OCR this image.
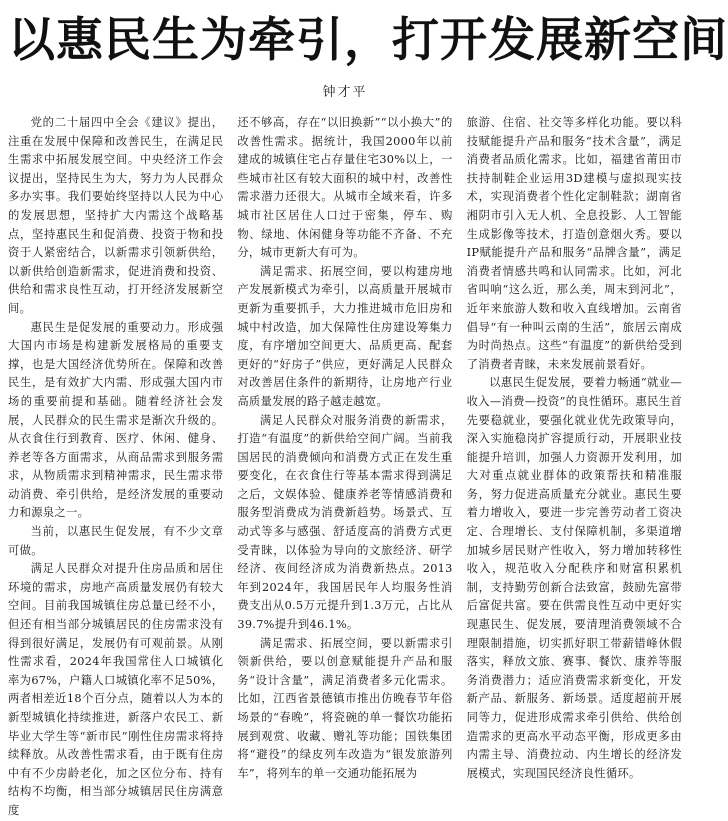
以惠民生为牵引，打开发展新空间
钟才平

党的二十届四中全会《建议》提出，注重在发展中保障和改善民生，在满足民生需求中拓展发展空间。中央经济工作会议提出，坚持民生为大，努力为人民群众多办实事。我们要始终坚持以人民为中心的发展思想，坚持扩大内需这个战略基点，坚持惠民生和促消费、投资于物和投资于人紧密结合，以新需求引领新供给，以新供给创造新需求，促进消费和投资、供给和需求良性互动，打开经济发展新空间。

惠民生是促发展的重要动力。形成强大国内市场是构建新发展格局的重要支撑，也是大国经济优势所在。保障和改善民生，是有效扩大内需、形成强大国内市场的重要前提和基础。随着经济社会发展，人民群众的民生需求是渐次升级的。从衣食住行到教育、医疗、休闲、健身、养老等各方面需求，从商品需求到服务需求，从物质需求到精神需求，民生需求带动消费、牵引供给，是经济发展的重要动力和源泉之一。

当前，以惠民生促发展，有不少文章可做。

满足人民群众对提升住房品质和居住环境的需求，房地产高质量发展仍有较大空间。目前我国城镇住房总量已经不小，但还有相当部分城镇居民的住房需求没有得到很好满足，发展仍有可观前景。从刚性需求看，2024年我国常住人口城镇化率为67%，户籍人口城镇化率不足50%，两者相差近18个百分点，随着以人为本的新型城镇化持续推进，新落户农民工、新毕业大学生等“新市民”刚性住房需求将持续释放。从改善性需求看，由于既有住房中有不少房龄老化，加之区位分布、持有结构不均衡，相当部分城镇居民住房满意度

还不够高，存在“以旧换新”“以小换大”的改善性需求。据统计，我国2000年以前建成的城镇住宅占存量住宅30%以上，一些城市社区有较大面积的城中村，改善性需求潜力还很大。从城市全域来看，许多城市社区居住人口过于密集，停车、购物、绿地、休闲健身等功能不齐备、不充分，城市更新大有可为。

满足需求、拓展空间，要以构建房地产发展新模式为牵引，以高质量开展城市更新为重要抓手，大力推进城市危旧房和城中村改造，加大保障性住房建设筹集力度，有序增加空间更大、品质更高、配套更好的“好房子”供应，更好满足人民群众对改善居住条件的新期待，让房地产行业高质量发展的路子越走越宽。

满足人民群众对服务消费的新需求，打造“有温度”的新供给空间广阔。当前我国居民的消费倾向和消费方式正在发生重要变化，在衣食住行等基本需求得到满足之后，文娱体验、健康养老等情感消费和服务型消费成为消费新趋势。场景式、互动式等多与感强、舒适度高的消费方式更受青睐，以体验为导向的文旅经济、研学经济、夜间经济成为消费新热点。2013年到2024年，我国居民年人均服务性消费支出从0.5万元提升到1.3万元，占比从39.7%提升到46.1%。

满足需求、拓展空间，要以新需求引领新供给，要以创意赋能提升产品和服务“设计含量”，满足消费者多元化需求。比如，江西省景德镇市推出仿晚春节年俗场景的“春晚”，将瓷碗的单一餐饮功能拓展到观赏、收藏、赠礼等功能；国铁集团将“避役”的绿皮列车改造为“银发旅游列车”，将列车的单一交通功能拓展为

旅游、住宿、社交等多样化功能。要以科技赋能提升产品和服务“技术含量”，满足消费者品质化需求。比如，福建省莆田市扶持制鞋企业运用3D建模与虚拟现实技术，实现消费者个性化定制鞋款；湖南省湘阴市引入无人机、全息投影、人工智能生成影像等技术，打造创意烟火秀。要以IP赋能提升产品和服务“品牌含量”，满足消费者情感共鸣和认同需求。比如，河北省叫响“这么近，那么美，周末到河北”，近年来旅游人数和收入直线增加。云南省倡导“有一种叫云南的生活”，旅居云南成为时尚热点。这些“有温度”的新供给受到了消费者青睐，未来发展前景看好。

以惠民生促发展，要着力畅通“就业—收入—消费—投资”的良性循环。惠民生首先要稳就业，要强化就业优先政策导向，深入实施稳岗扩容提质行动，开展职业技能提升培训，加强人力资源开发利用，加大对重点就业群体的政策帮扶和精准服务，努力促进高质量充分就业。惠民生要着力增收入，要进一步完善劳动者工资决定、合理增长、支付保障机制，多渠道增加城乡居民财产性收入，努力增加转移性收入，规范收入分配秩序和财富积累机制，支持勤劳创新合法致富，鼓励先富带后富促共富。要在供需良性互动中更好实现惠民生、促发展，要清理消费领域不合理限制措施，切实抓好职工带薪错峰休假落实，释放文旅、赛事、餐饮、康养等服务消费潜力；适应消费需求新变化，开发新产品、新服务、新场景。适度超前开展同等力，促进形成需求牵引供给、供给创造需求的更高水平动态平衡，形成更多由内需主导、消费拉动、内生增长的经济发展模式，实现国民经济良性循环。
